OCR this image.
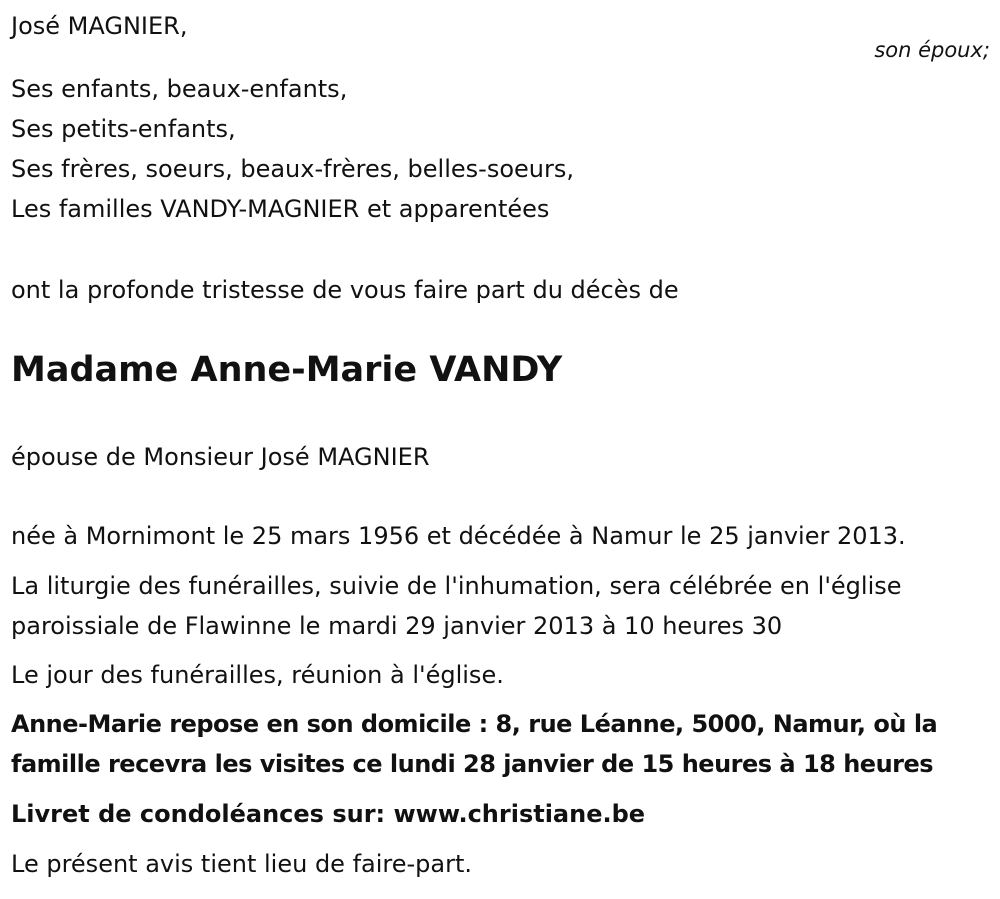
José MAGNIER,
son époux;
Ses enfants, beaux-enfants,
Ses petits-enfants,
Ses frères, soeurs, beaux-frères, belles-soeurs,
Les familles VANDY-MAGNIER et apparentées
ont la profonde tristesse de vous faire part du décès de
Madame Anne-Marie VANDY
épouse de Monsieur José MAGNIER
née à Mornimont le 25 mars 1956 et décédée à Namur le 25 janvier 2013.
La liturgie des funérailles, suivie de l'inhumation, sera célébrée en l'église
paroissiale de Flawinne le mardi 29 janvier 2013 à 10 heures 30
Le jour des funérailles, réunion à l'église.
Anne-Marie repose en son domicile : 8, rue Léanne, 5000, Namur, où la
famille recevra les visites ce lundi 28 janvier de 15 heures à 18 heures
Livret de condoléances sur: www.christiane.be
Le présent avis tient lieu de faire-part.
